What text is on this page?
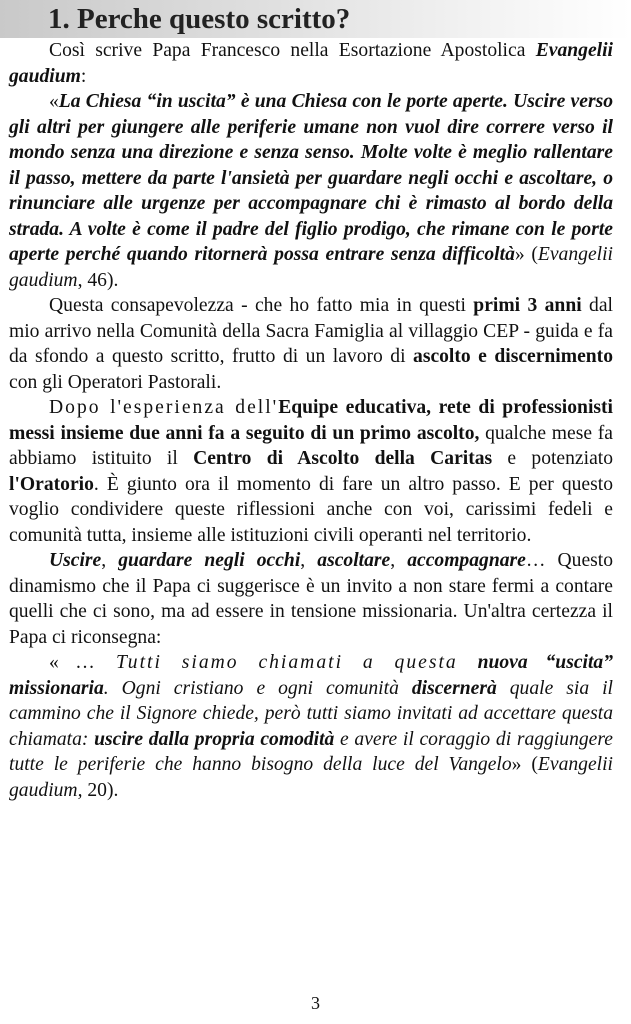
1. Perche questo scritto?

Così scrive Papa Francesco nella Esortazione Apostolica Evangelii gaudium:

«La Chiesa “in uscita” è una Chiesa con le porte aperte. Uscire verso gli altri per giungere alle periferie umane non vuol dire correre verso il mondo senza una direzione e senza senso. Molte volte è meglio rallentare il passo, mettere da parte l'ansietà per guardare negli occhi e ascoltare, o rinunciare alle urgenze per accompagnare chi è rimasto al bordo della strada. A volte è come il padre del figlio prodigo, che rimane con le porte aperte perché quando ritornerà possa entrare senza difficoltà» (Evangelii gaudium, 46).

Questa consapevolezza - che ho fatto mia in questi primi 3 anni dal mio arrivo nella Comunità della Sacra Famiglia al villaggio CEP - guida e fa da sfondo a questo scritto, frutto di un lavoro di ascolto e discernimento con gli Operatori Pastorali.

Dopo l'esperienza dell'Equipe educativa, rete di professionisti messi insieme due anni fa a seguito di un primo ascolto, qualche mese fa abbiamo istituito il Centro di Ascolto della Caritas e potenziato l'Oratorio. È giunto ora il momento di fare un altro passo. E per questo voglio condividere queste riflessioni anche con voi, carissimi fedeli e comunità tutta, insieme alle istituzioni civili operanti nel territorio.

Uscire, guardare negli occhi, ascoltare, accompagnare… Questo dinamismo che il Papa ci suggerisce è un invito a non stare fermi a contare quelli che ci sono, ma ad essere in tensione missionaria. Un'altra certezza il Papa ci riconsegna:

« … Tutti siamo chiamati a questa nuova “uscita” missionaria. Ogni cristiano e ogni comunità discernerà quale sia il cammino che il Signore chiede, però tutti siamo invitati ad accettare questa chiamata: uscire dalla propria comodità e avere il coraggio di raggiungere tutte le periferie che hanno bisogno della luce del Vangelo» (Evangelii gaudium, 20).

3
